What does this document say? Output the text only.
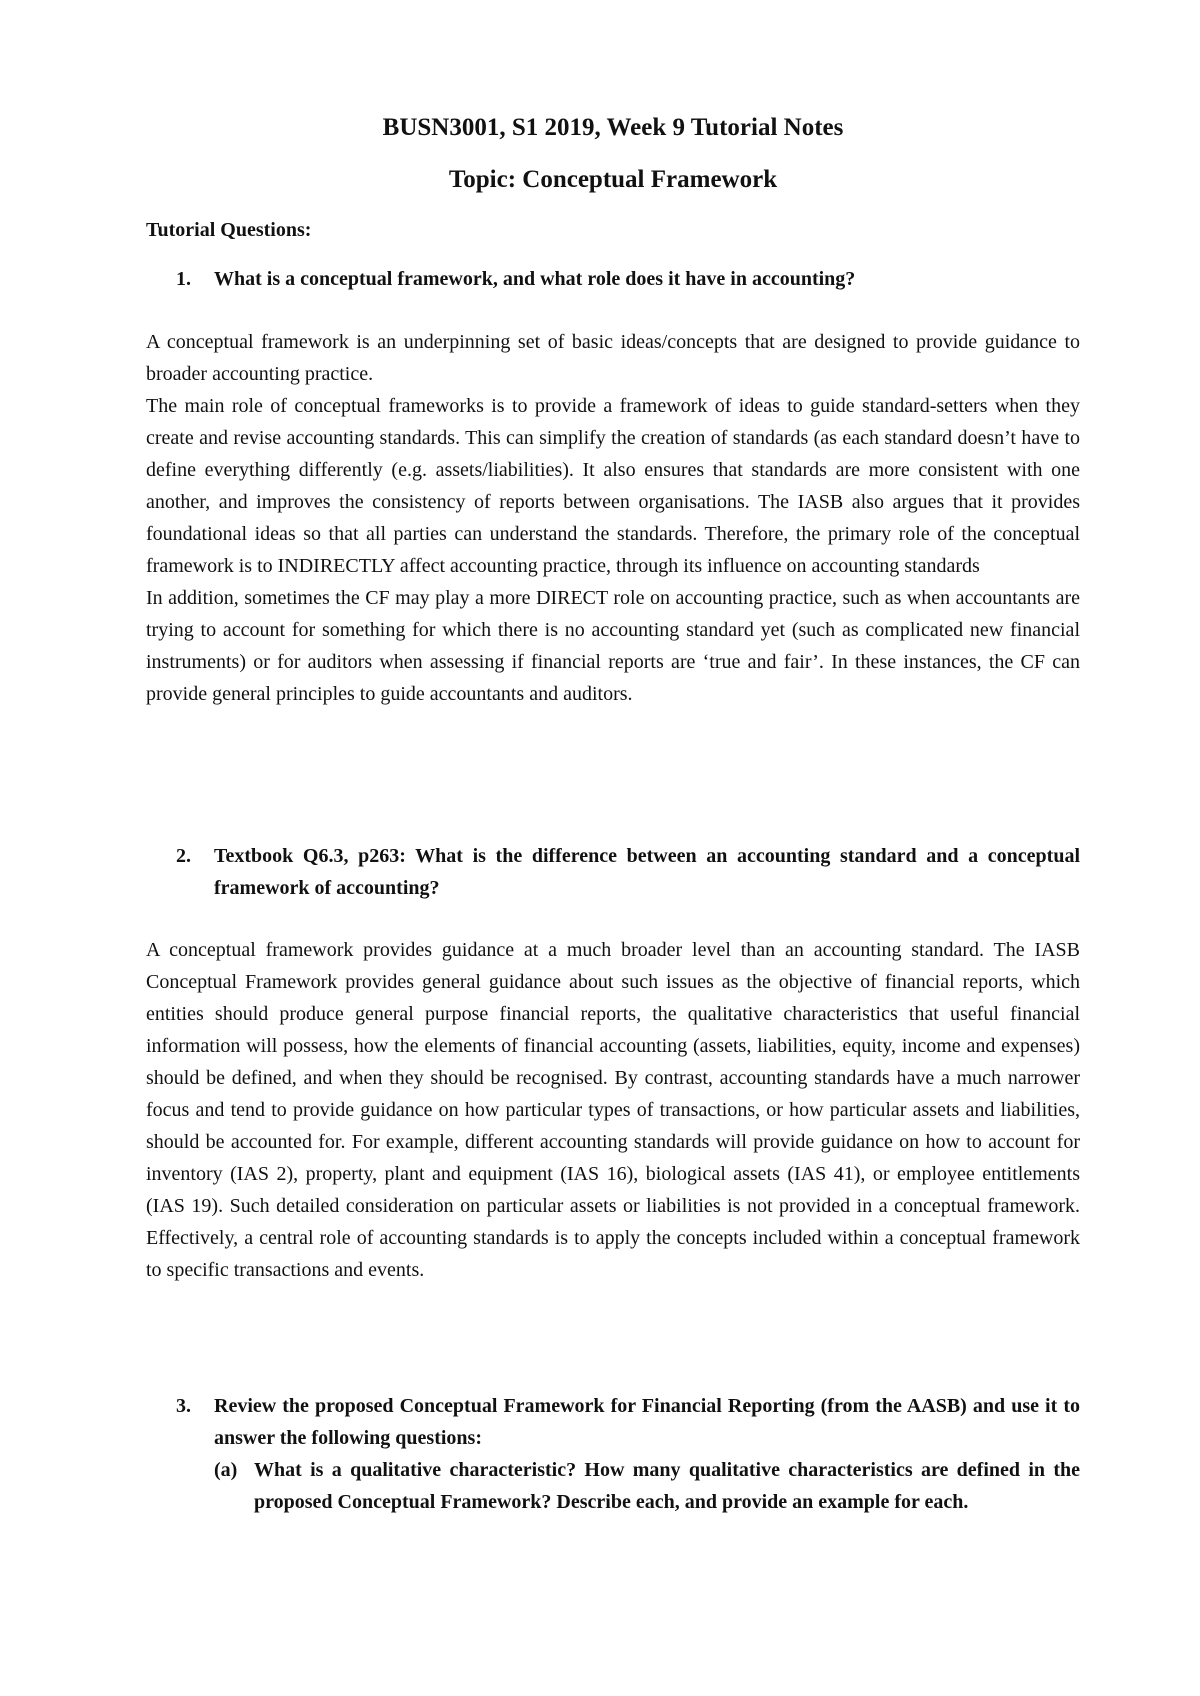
BUSN3001, S1 2019, Week 9 Tutorial Notes
Topic: Conceptual Framework
Tutorial Questions:
1.	What is a conceptual framework, and what role does it have in accounting?

A conceptual framework is an underpinning set of basic ideas/concepts that are designed to provide guidance to broader accounting practice.

The main role of conceptual frameworks is to provide a framework of ideas to guide standard-setters when they create and revise accounting standards. This can simplify the creation of standards (as each standard doesn’t have to define everything differently (e.g. assets/liabilities). It also ensures that standards are more consistent with one another, and improves the consistency of reports between organisations. The IASB also argues that it provides foundational ideas so that all parties can understand the standards. Therefore, the primary role of the conceptual framework is to INDIRECTLY affect accounting practice, through its influence on accounting standards

In addition, sometimes the CF may play a more DIRECT role on accounting practice, such as when accountants are trying to account for something for which there is no accounting standard yet (such as complicated new financial instruments) or for auditors when assessing if financial reports are ‘true and fair’. In these instances, the CF can provide general principles to guide accountants and auditors.

2.	Textbook Q6.3, p263: What is the difference between an accounting standard and a conceptual framework of accounting?

A conceptual framework provides guidance at a much broader level than an accounting standard. The IASB Conceptual Framework provides general guidance about such issues as the objective of financial reports, which entities should produce general purpose financial reports, the qualitative characteristics that useful financial information will possess, how the elements of financial accounting (assets, liabilities, equity, income and expenses) should be defined, and when they should be recognised. By contrast, accounting standards have a much narrower focus and tend to provide guidance on how particular types of transactions, or how particular assets and liabilities, should be accounted for. For example, different accounting standards will provide guidance on how to account for inventory (IAS 2), property, plant and equipment (IAS 16), biological assets (IAS 41), or employee entitlements (IAS 19). Such detailed consideration on particular assets or liabilities is not provided in a conceptual framework. Effectively, a central role of accounting standards is to apply the concepts included within a conceptual framework to specific transactions and events.

3.	Review the proposed Conceptual Framework for Financial Reporting (from the AASB) and use it to answer the following questions:
(a) What is a qualitative characteristic? How many qualitative characteristics are defined in the proposed Conceptual Framework? Describe each, and provide an example for each.
